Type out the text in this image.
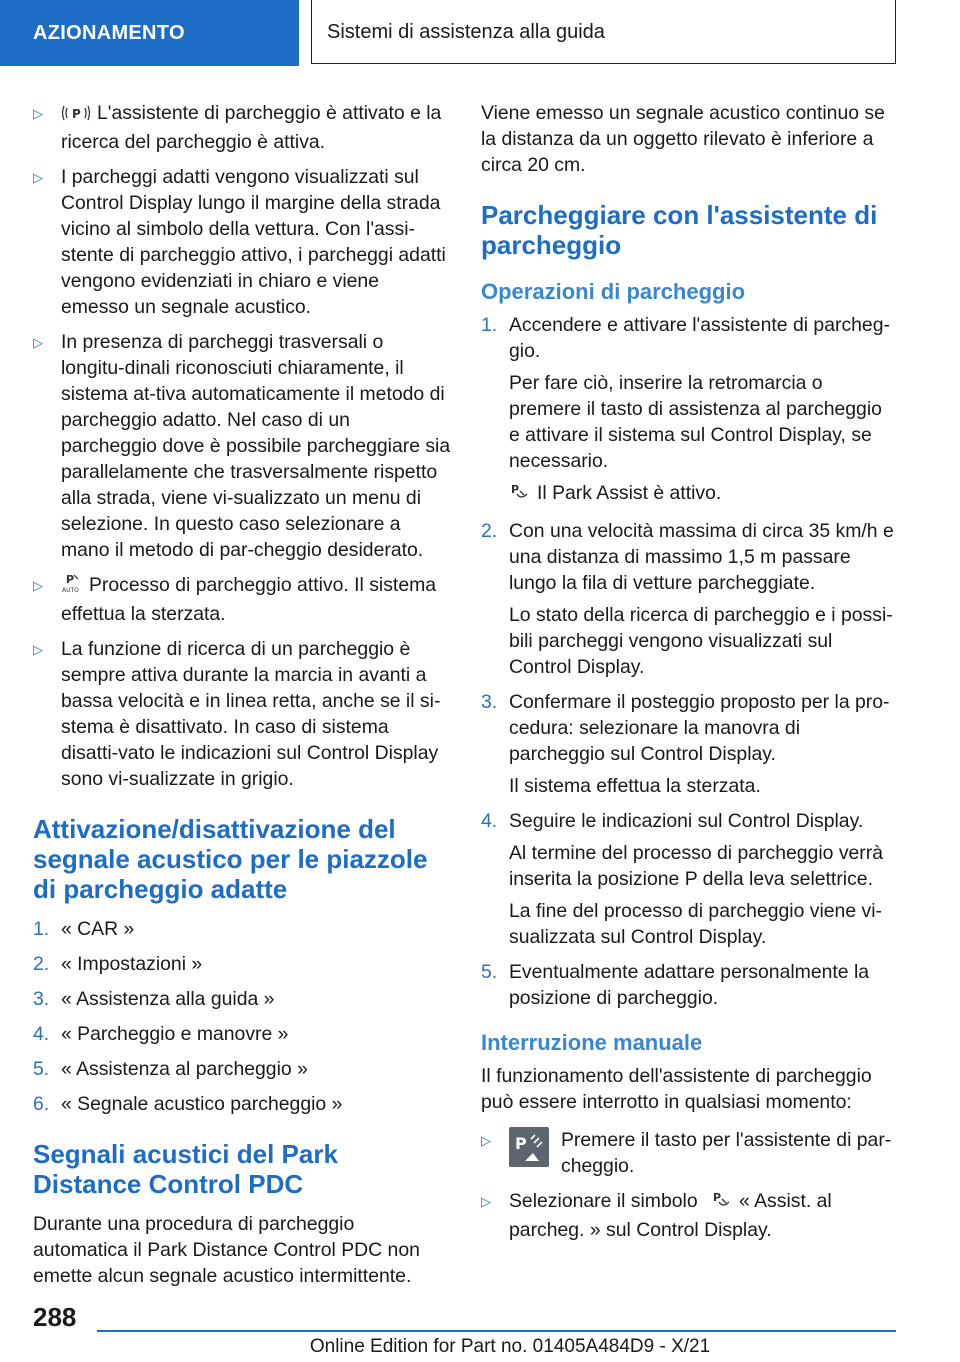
AZIONAMENTO	Sistemi di assistenza alla guida
▷ P L'assistente di parcheggio è attivato e la ricerca del parcheggio è attiva.
▷ I parcheggi adatti vengono visualizzati sul Control Display lungo il margine della strada vicino al simbolo della vettura. Con l'assi-stente di parcheggio attivo, i parcheggi adatti vengono evidenziati in chiaro e viene emesso un segnale acustico.
▷ In presenza di parcheggi trasversali o longitu-dinali riconosciuti chiaramente, il sistema at-tiva automaticamente il metodo di parcheggio adatto. Nel caso di un parcheggio dove è possibile parcheggiare sia parallelamente che trasversalmente rispetto alla strada, viene vi-sualizzato un menu di selezione. In questo caso selezionare a mano il metodo di par-cheggio desiderato.
▷ P
AUTO Processo di parcheggio attivo. Il sistema effettua la sterzata.
▷ La funzione di ricerca di un parcheggio è sempre attiva durante la marcia in avanti a bassa velocità e in linea retta, anche se il si-stema è disattivato. In caso di sistema disatti-vato le indicazioni sul Control Display sono vi-sualizzate in grigio.
Attivazione/disattivazione del segnale acustico per le piazzole di parcheggio adatte
1. « CAR »
2. « Impostazioni »
3. « Assistenza alla guida »
4. « Parcheggio e manovre »
5. « Assistenza al parcheggio »
6. « Segnale acustico parcheggio »
Segnali acustici del Park Distance Control PDC

Durante una procedura di parcheggio automatica il Park Distance Control PDC non emette alcun segnale acustico intermittente.

Viene emesso un segnale acustico continuo se la distanza da un oggetto rilevato è inferiore a circa 20 cm.

Parcheggiare con l'assistente di parcheggio
Operazioni di parcheggio
1. Accendere e attivare l'assistente di parcheg-gio.

Per fare ciò, inserire la retromarcia o premere il tasto di assistenza al parcheggio e attivare il sistema sul Control Display, se necessario.

P Il Park Assist è attivo.

2. Con una velocità massima di circa 35 km/h e una distanza di massimo 1,5 m passare lungo la fila di vetture parcheggiate.

Lo stato della ricerca di parcheggio e i possi-bili parcheggi vengono visualizzati sul Control Display.

3. Confermare il posteggio proposto per la pro-cedura: selezionare la manovra di parcheggio sul Control Display.

Il sistema effettua la sterzata.

4. Seguire le indicazioni sul Control Display.

Al termine del processo di parcheggio verrà inserita la posizione P della leva selettrice.

La fine del processo di parcheggio viene vi-sualizzata sul Control Display.

5. Eventualmente adattare personalmente la posizione di parcheggio.
Interruzione manuale

Il funzionamento dell'assistente di parcheggio può essere interrotto in qualsiasi momento:

▷ P Premere il tasto per l'assistente di par-cheggio.
▷ Selezionare il simbolo P « Assist. al parcheg. » sul Control Display.
288
Online Edition for Part no. 01405A484D9 - X/21
